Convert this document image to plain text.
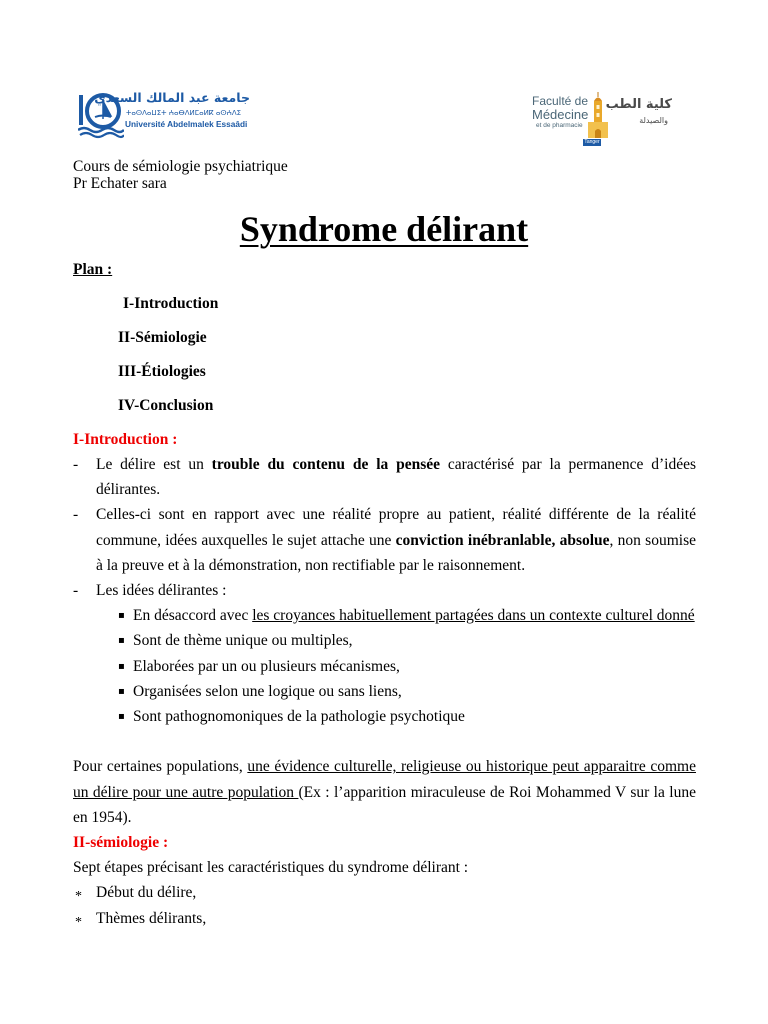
جامعة عبد المالك السعدي
ⵜⴰⵙⴷⴰⵡⵉⵜ ⵄⴰⴱⴷⵍⵎⴰⵍⴽ ⴰⵙⵄⴷⵉ
Université Abdelmalek Essaâdi
Faculté de
Médecine
et de pharmacie
Tanger
كلية الطب
والصيدلة
Cours de sémiologie psychiatrique
Pr Echater sara
Syndrome délirant
Plan :
I-Introduction
II-Sémiologie
III-Étiologies
IV-Conclusion
I-Introduction :
- Le délire est un trouble du contenu de la pensée caractérisé par la permanence d’idées délirantes.
- Celles-ci sont en rapport avec une réalité propre au patient, réalité différente de la réalité commune, idées auxquelles le sujet attache une conviction inébranlable, absolue, non soumise à la preuve et à la démonstration, non rectifiable par le raisonnement.
- Les idées délirantes :
▪ En désaccord avec les croyances habituellement partagées dans un contexte culturel donné
▪ Sont de thème unique ou multiples,
▪ Elaborées par un ou plusieurs mécanismes,
▪ Organisées selon une logique ou sans liens,
▪ Sont pathognomoniques de la pathologie psychotique
Pour certaines populations, une évidence culturelle, religieuse ou historique peut apparaitre comme un délire pour une autre population (Ex : l’apparition miraculeuse de Roi Mohammed V sur la lune en 1954).
II-sémiologie :
Sept étapes précisant les caractéristiques du syndrome délirant :
* Début du délire,
* Thèmes délirants,
